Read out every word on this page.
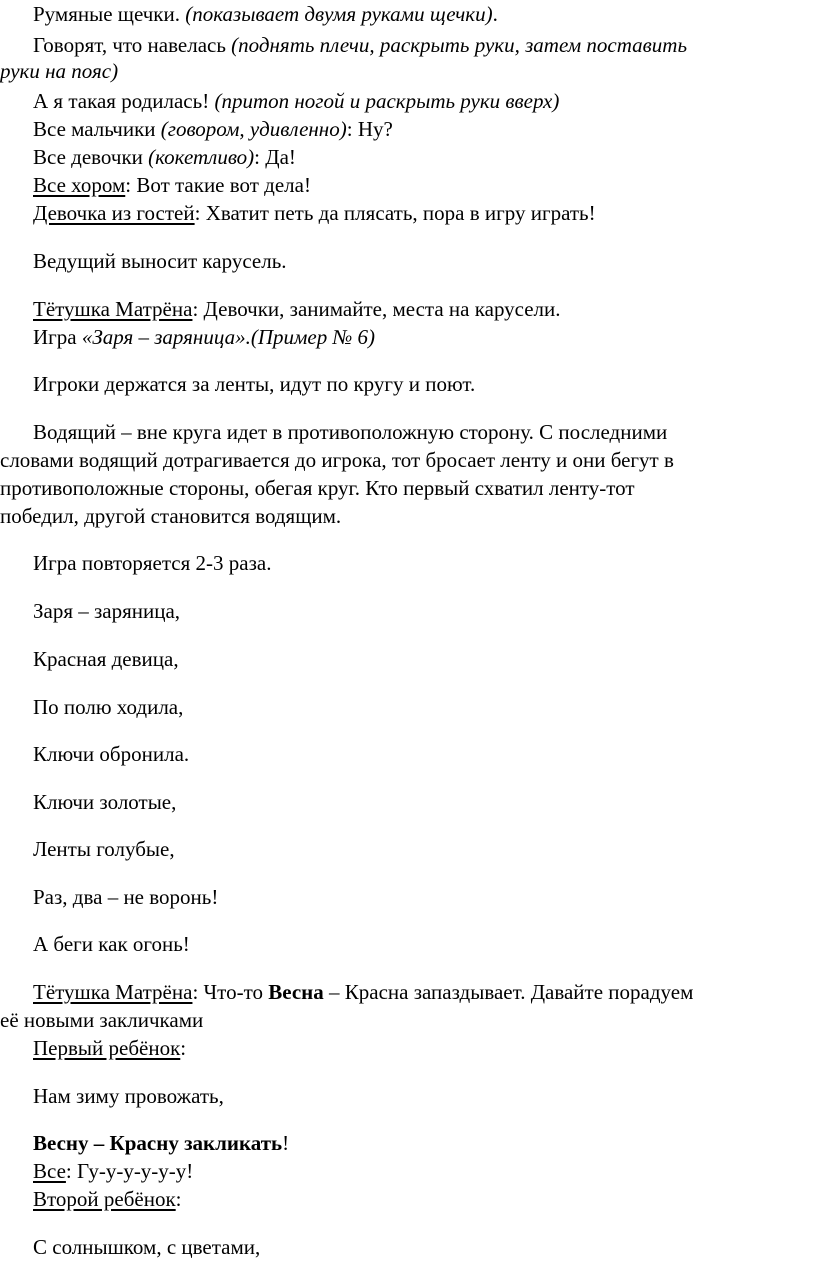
Румяные щечки. (показывает двумя руками щечки).
Говорят, что навелась (поднять плечи, раскрыть руки, затем поставить
руки на пояс)
А я такая родилась! (притоп ногой и раскрыть руки вверх)
Все мальчики (говором, удивленно): Ну?
Все девочки (кокетливо): Да!
Все хором: Вот такие вот дела!
Девочка из гостей: Хватит петь да плясать, пора в игру играть!
Ведущий выносит карусель.
Тётушка Матрёна: Девочки, занимайте, места на карусели.
Игра «Заря – заряница».(Пример № 6)
Игроки держатся за ленты, идут по кругу и поют.
Водящий – вне круга идет в противоположную сторону. С последними
словами водящий дотрагивается до игрока, тот бросает ленту и они бегут в
противоположные стороны, обегая круг. Кто первый схватил ленту-тот
победил, другой становится водящим.
Игра повторяется 2-3 раза.
Заря – заряница,
Красная девица,
По полю ходила,
Ключи обронила.
Ключи золотые,
Ленты голубые,
Раз, два – не воронь!
А беги как огонь!
Тётушка Матрёна: Что-то Весна – Красна запаздывает. Давайте порадуем
её новыми закличками
Первый ребёнок:
Нам зиму провожать,
Весну – Красну закликать!
Все: Гу-у-у-у-у-у!
Второй ребёнок:
С солнышком, с цветами,
